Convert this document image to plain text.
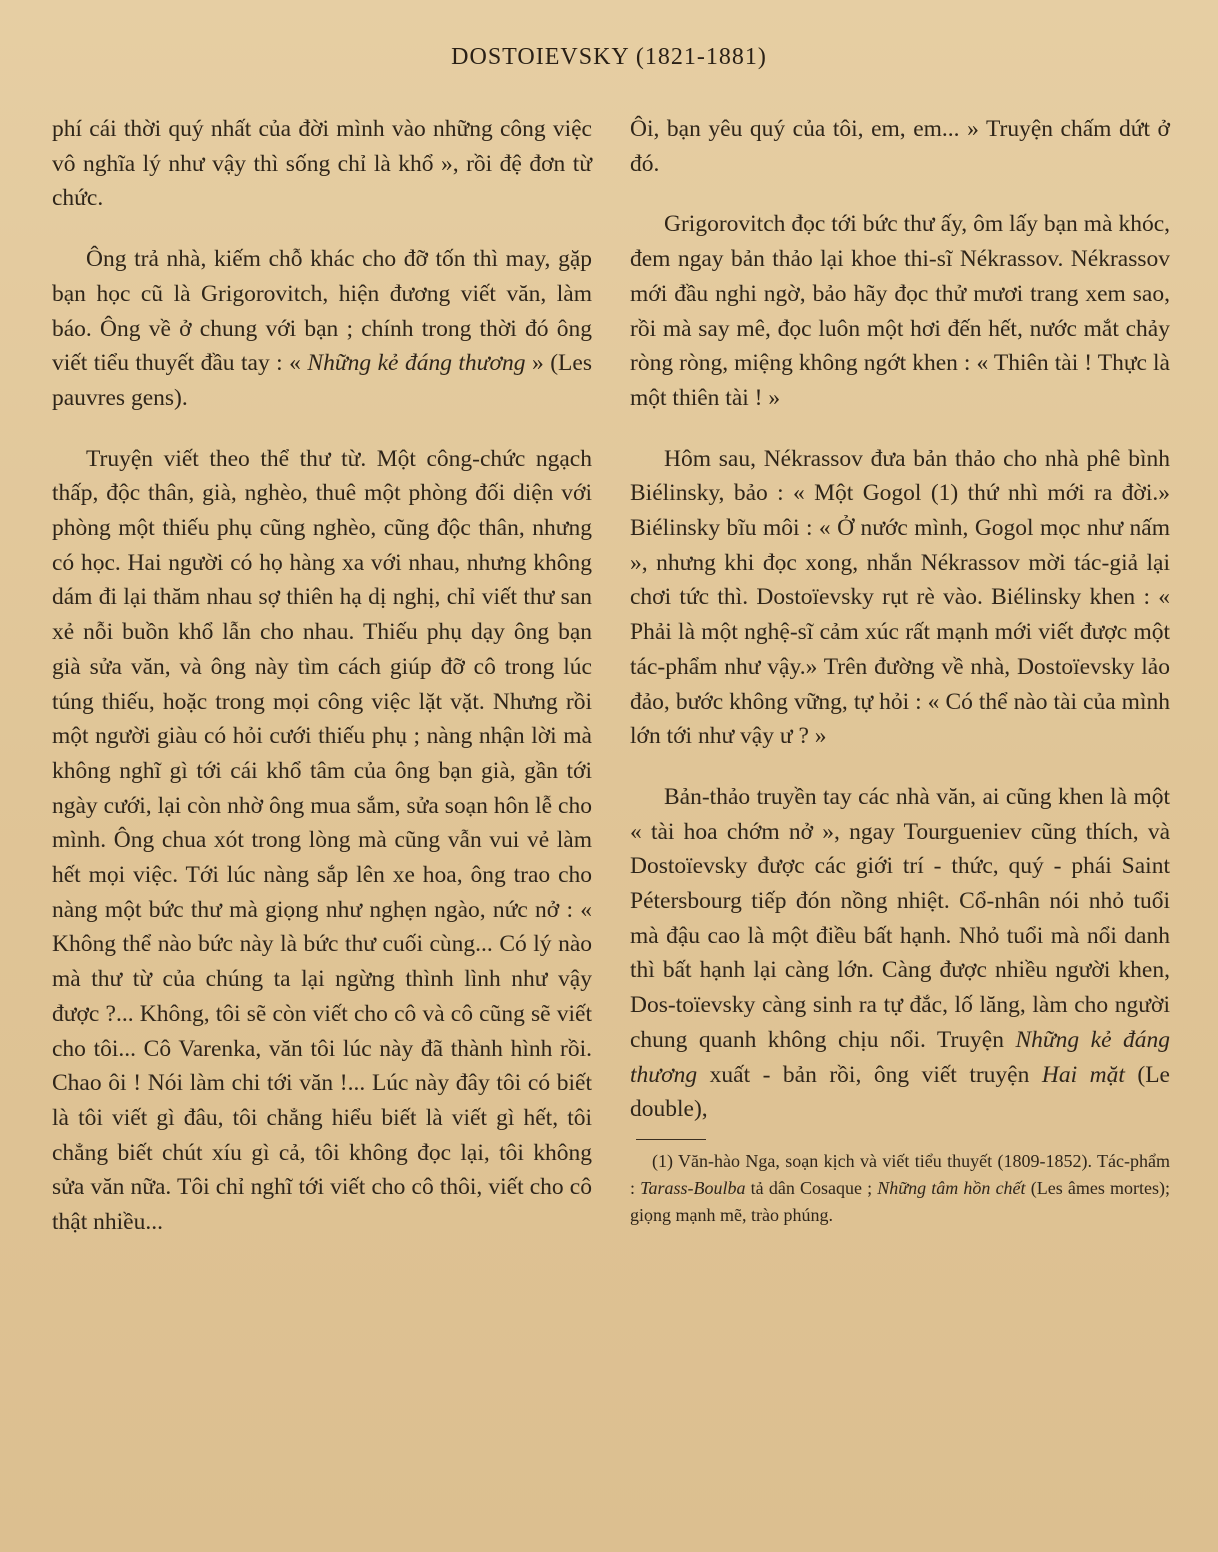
DOSTOIEVSKY (1821-1881)

phí cái thời quý nhất của đời mình vào những công việc vô nghĩa lý như vậy thì sống chỉ là khổ », rồi đệ đơn từ chức.

Ông trả nhà, kiếm chỗ khác cho đỡ tốn thì may, gặp bạn học cũ là Grigorovitch, hiện đương viết văn, làm báo. Ông về ở chung với bạn ; chính trong thời đó ông viết tiểu thuyết đầu tay : « Những kẻ đáng thương » (Les pauvres gens).

Truyện viết theo thể thư từ. Một công-chức ngạch thấp, độc thân, già, nghèo, thuê một phòng đối diện với phòng một thiếu phụ cũng nghèo, cũng độc thân, nhưng có học. Hai người có họ hàng xa với nhau, nhưng không dám đi lại thăm nhau sợ thiên hạ dị nghị, chỉ viết thư san xẻ nỗi buồn khổ lẫn cho nhau. Thiếu phụ dạy ông bạn già sửa văn, và ông này tìm cách giúp đỡ cô trong lúc túng thiếu, hoặc trong mọi công việc lặt vặt. Nhưng rồi một người giàu có hỏi cưới thiếu phụ ; nàng nhận lời mà không nghĩ gì tới cái khổ tâm của ông bạn già, gần tới ngày cưới, lại còn nhờ ông mua sắm, sửa soạn hôn lễ cho mình. Ông chua xót trong lòng mà cũng vẫn vui vẻ làm hết mọi việc. Tới lúc nàng sắp lên xe hoa, ông trao cho nàng một bức thư mà giọng như nghẹn ngào, nức nở : « Không thể nào bức này là bức thư cuối cùng... Có lý nào mà thư từ của chúng ta lại ngừng thình lình như vậy được ?... Không, tôi sẽ còn viết cho cô và cô cũng sẽ viết cho tôi... Cô Varenka, văn tôi lúc này đã thành hình rồi. Chao ôi ! Nói làm chi tới văn !... Lúc này đây tôi có biết là tôi viết gì đâu, tôi chẳng hiểu biết là viết gì hết, tôi chẳng biết chút xíu gì cả, tôi không đọc lại, tôi không sửa văn nữa. Tôi chỉ nghĩ tới viết cho cô thôi, viết cho cô thật nhiều...

Ôi, bạn yêu quý của tôi, em, em... » Truyện chấm dứt ở đó.

Grigorovitch đọc tới bức thư ấy, ôm lấy bạn mà khóc, đem ngay bản thảo lại khoe thi-sĩ Nékrassov. Nékrassov mới đầu nghi ngờ, bảo hãy đọc thử mươi trang xem sao, rồi mà say mê, đọc luôn một hơi đến hết, nước mắt chảy ròng ròng, miệng không ngớt khen : « Thiên tài ! Thực là một thiên tài ! »

Hôm sau, Nékrassov đưa bản thảo cho nhà phê bình Biélinsky, bảo : « Một Gogol (1) thứ nhì mới ra đời.» Biélinsky bĩu môi : « Ở nước mình, Gogol mọc như nấm », nhưng khi đọc xong, nhắn Nékrassov mời tác-giả lại chơi tức thì. Dostoïevsky rụt rè vào. Biélinsky khen : « Phải là một nghệ-sĩ cảm xúc rất mạnh mới viết được một tác-phẩm như vậy.» Trên đường về nhà, Dostoïevsky lảo đảo, bước không vững, tự hỏi : « Có thể nào tài của mình lớn tới như vậy ư ? »

Bản-thảo truyền tay các nhà văn, ai cũng khen là một « tài hoa chớm nở », ngay Tourgueniev cũng thích, và Dostoïevsky được các giới trí - thức, quý - phái Saint Pétersbourg tiếp đón nồng nhiệt. Cổ-nhân nói nhỏ tuổi mà đậu cao là một điều bất hạnh. Nhỏ tuổi mà nổi danh thì bất hạnh lại càng lớn. Càng được nhiều người khen, Dos-toïevsky càng sinh ra tự đắc, lố lăng, làm cho người chung quanh không chịu nổi. Truyện Những kẻ đáng thương xuất - bản rồi, ông viết truyện Hai mặt (Le double),

(1) Văn-hào Nga, soạn kịch và viết tiểu thuyết (1809-1852). Tác-phẩm : Tarass-Boulba tả dân Cosaque ; Những tâm hồn chết (Les âmes mortes); giọng mạnh mẽ, trào phúng.
